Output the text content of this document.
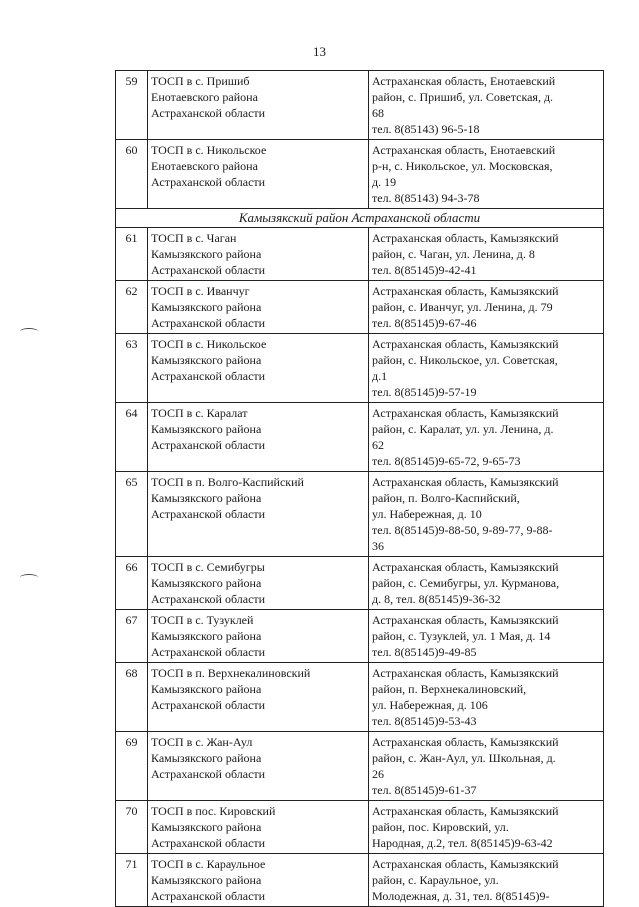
13
59	ТОСП в с. Пришиб
Енотаевского района
Астраханской области	Астраханская область, Енотаевский
район, с. Пришиб, ул. Советская, д.
68
тел. 8(85143) 96-5-18

60	ТОСП в с. Никольское
Енотаевского района
Астраханской области	Астраханская область, Енотаевский
р-н, с. Никольское, ул. Московская,
д. 19
тел. 8(85143) 94-3-78

Камызякский район Астраханской области		
61	ТОСП в с. Чаган
Камызякского района
Астраханской области	Астраханская область, Камызякский
район, с. Чаган, ул. Ленина, д. 8
тел. 8(85145)9-42-41

62	ТОСП в с. Иванчуг
Камызякского района
Астраханской области	Астраханская область, Камызякский
район, с. Иванчуг, ул. Ленина, д. 79
тел. 8(85145)9-67-46

63	ТОСП в с. Никольское
Камызякского района
Астраханской области	Астраханская область, Камызякский
район, с. Никольское, ул. Советская,
д.1
тел. 8(85145)9-57-19

64	ТОСП в с. Каралат
Камызякского района
Астраханской области	Астраханская область, Камызякский
район, с. Каралат, ул. ул. Ленина, д.
62
тел. 8(85145)9-65-72, 9-65-73

65	ТОСП в п. Волго-Каспийский
Камызякского района
Астраханской области	Астраханская область, Камызякский
район, п. Волго-Каспийский,
ул. Набережная, д. 10
тел. 8(85145)9-88-50, 9-89-77, 9-88-
36

66	ТОСП в с. Семибугры
Камызякского района
Астраханской области	Астраханская область, Камызякский
район, с. Семибугры, ул. Курманова,
д. 8, тел. 8(85145)9-36-32

67	ТОСП в с. Тузуклей
Камызякского района
Астраханской области	Астраханская область, Камызякский
район, с. Тузуклей, ул. 1 Мая, д. 14
тел. 8(85145)9-49-85

68	ТОСП в п. Верхнекалиновский
Камызякского района
Астраханской области	Астраханская область, Камызякский
район, п. Верхнекалиновский,
ул. Набережная, д. 106
тел. 8(85145)9-53-43

69	ТОСП в с. Жан-Аул
Камызякского района
Астраханской области	Астраханская область, Камызякский
район, с. Жан-Аул, ул. Школьная, д.
26
тел. 8(85145)9-61-37

70	ТОСП в пос. Кировский
Камызякского района
Астраханской области	Астраханская область, Камызякский
район, пос. Кировский, ул.
Народная, д.2, тел. 8(85145)9-63-42

71	ТОСП в с. Караульное
Камызякского района
Астраханской области	Астраханская область, Камызякский
район, с. Караульное, ул.
Молодежная, д. 31, тел. 8(85145)9-
